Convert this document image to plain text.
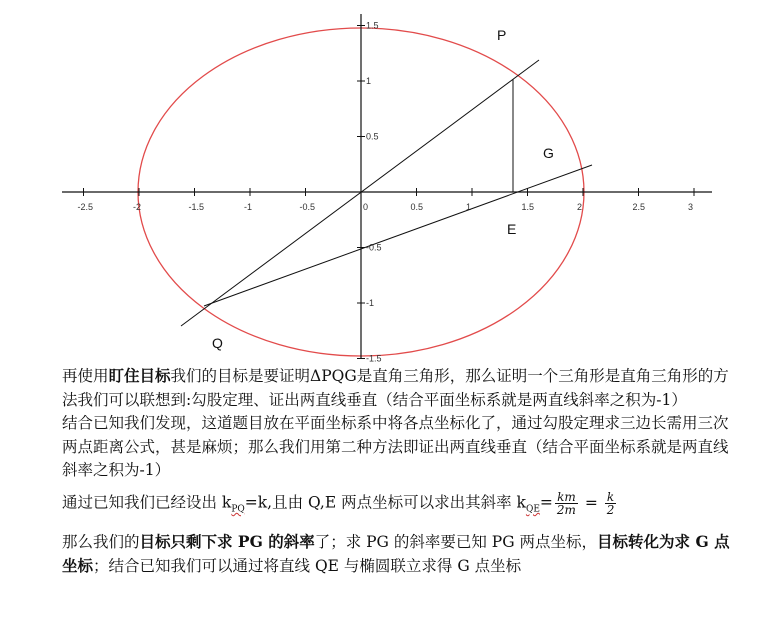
-2.5	-2	-1.5	-1	-0.5	0	0.5	1	1.5	2	2.5	3
1.5
1
0.5
-0.5
-1
-1.5
P
G
E
Q

再使用盯住目标我们的目标是要证明ΔPQG是直角三角形，那么证明一个三角形是直角三角形的方法我们可以联想到:勾股定理、证出两直线垂直（结合平面坐标系就是两直线斜率之积为-1）

结合已知我们发现，这道题目放在平面坐标系中将各点坐标化了，通过勾股定理求三边长需用三次两点距离公式，甚是麻烦；那么我们用第二种方法即证出两直线垂直（结合平面坐标系就是两直线斜率之积为-1）

通过已知我们已经设出 $k_{PQ}=k$,且由 Q,E 两点坐标可以求出其斜率 $k_{QE}= \frac{km}{2m} = \frac{k}{2}$

那么我们的目标只剩下求 PG 的斜率了；求 PG 的斜率要已知 PG 两点坐标，目标转化为求 G 点坐标；结合已知我们可以通过将直线 QE 与椭圆联立求得 G 点坐标
